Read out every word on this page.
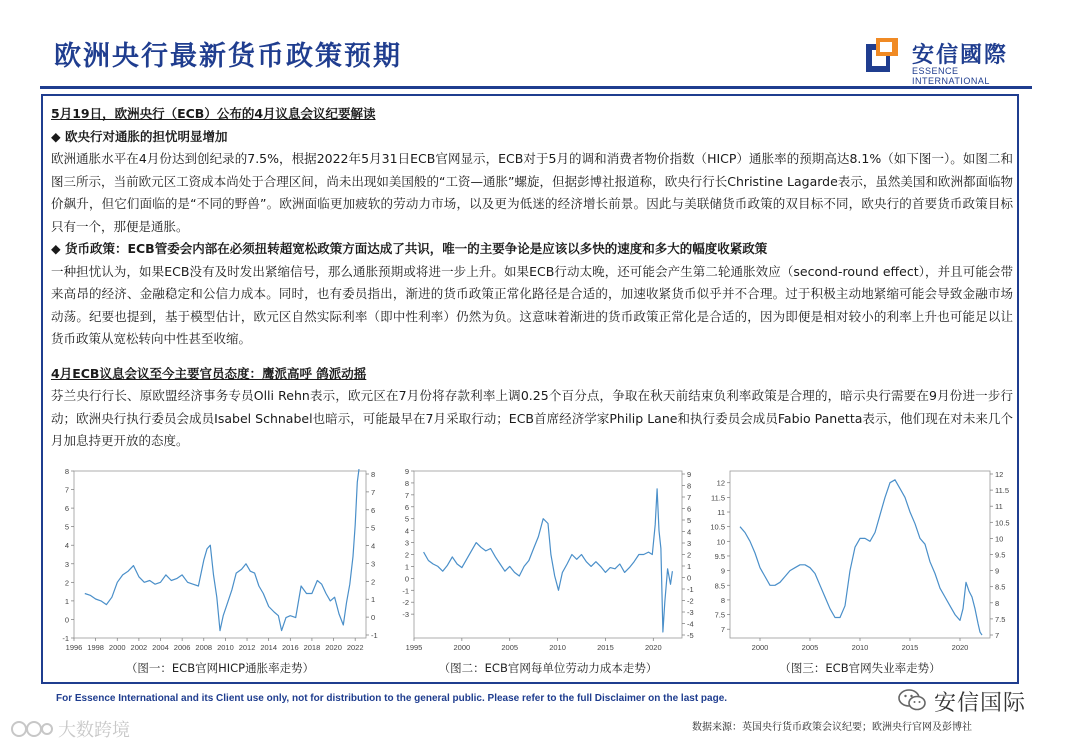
欧洲央行最新货币政策预期	安信國際
ESSENCE INTERNATIONAL
5月19日，欧洲央行（ECB）公布的4月议息会议纪要解读
◆ 欧央行对通胀的担忧明显增加
欧洲通胀水平在4月份达到创纪录的7.5%，根据2022年5月31日ECB官网显示，ECB对于5月的调和消费者物价指数（HICP）通胀率的预期高达8.1%（如下图一）。如图二和图三所示，当前欧元区工资成本尚处于合理区间，尚未出现如美国般的“工资—通胀”螺旋，但据彭博社报道称，欧央行行长Christine Lagarde表示，虽然美国和欧洲都面临物价飙升，但它们面临的是“不同的野兽”。欧洲面临更加疲软的劳动力市场，以及更为低迷的经济增长前景。因此与美联储货币政策的双目标不同，欧央行的首要货币政策目标只有一个，那便是通胀。
◆ 货币政策：ECB管委会内部在必须扭转超宽松政策方面达成了共识，唯一的主要争论是应该以多快的速度和多大的幅度收紧政策
一种担忧认为，如果ECB没有及时发出紧缩信号，那么通胀预期或将进一步上升。如果ECB行动太晚，还可能会产生第二轮通胀效应（second-round effect），并且可能会带来高昂的经济、金融稳定和公信力成本。同时，也有委员指出，渐进的货币政策正常化路径是合适的，加速收紧货币似乎并不合理。过于积极主动地紧缩可能会导致金融市场动荡。纪要也提到，基于模型估计，欧元区自然实际利率（即中性利率）仍然为负。这意味着渐进的货币政策正常化是合适的，因为即便是相对较小的利率上升也可能足以让货币政策从宽松转向中性甚至收缩。
4月ECB议息会议至今主要官员态度：鹰派高呼 鸽派动摇
芬兰央行行长、原欧盟经济事务专员Olli Rehn表示，欧元区在7月份将存款利率上调0.25个百分点，争取在秋天前结束负利率政策是合理的，暗示央行需要在9月份进一步行动；欧洲央行执行委员会成员Isabel Schnabel也暗示，可能最早在7月采取行动；ECB首席经济学家Philip Lane和执行委员会成员Fabio Panetta表示，他们现在对未来几个月加息持更开放的态度。
-1
0
1
2
3
4
5
6
7
8
-1
0
1
2
3
4
5
6
7
8
1996 1998 2000 2002 2004 2006 2008 2010 2012 2014 2016 2018 2020 2022
（图一：ECB官网HICP通胀率走势）
-3
-2
-1
0
1
2
3
4
5
6
7
8
9
-5
-4
-3
-2
-1
0
1
2
3
4
5
6
7
8
9
1995	2000	2005	2010	2015	2020
（图二：ECB官网每单位劳动力成本走势）
7
7.5
8
8.5
9
9.5
10
10.5
11
11.5
12
7
7.5
8
8.5
9
9.5
10
10.5
11
11.5
12
2000	2005	2010	2015	2020
（图三：ECB官网失业率走势）
For Essence International and its Client use only, not for distribution to the general public. Please refer to the full Disclaimer on the last page.	安信国际
数据来源：英国央行货币政策会议纪要；欧洲央行官网及彭博社
大数跨境
